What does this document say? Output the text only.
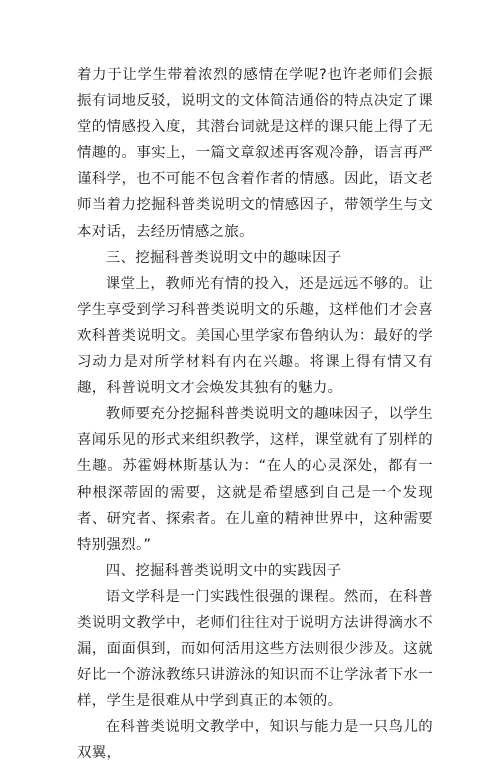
着力于让学生带着浓烈的感情在学呢?也许老师们会振振有词地反驳，说明文的文体简洁通俗的特点决定了课堂的情感投入度，其潜台词就是这样的课只能上得了无情趣的。事实上，一篇文章叙述再客观冷静，语言再严谨科学，也不可能不包含着作者的情感。因此，语文老师当着力挖掘科普类说明文的情感因子，带领学生与文本对话，去经历情感之旅。

三、挖掘科普类说明文中的趣味因子

课堂上，教师光有情的投入，还是远远不够的。让学生享受到学习科普类说明文的乐趣，这样他们才会喜欢科普类说明文。美国心里学家布鲁纳认为：最好的学习动力是对所学材料有内在兴趣。将课上得有情又有趣，科普说明文才会焕发其独有的魅力。

教师要充分挖掘科普类说明文的趣味因子，以学生喜闻乐见的形式来组织教学，这样，课堂就有了别样的生趣。苏霍姆林斯基认为：“在人的心灵深处，都有一种根深蒂固的需要，这就是希望感到自己是一个发现者、研究者、探索者。在儿童的精神世界中，这种需要特别强烈。”

四、挖掘科普类说明文中的实践因子

语文学科是一门实践性很强的课程。然而，在科普类说明文教学中，老师们往往对于说明方法讲得滴水不漏，面面俱到，而如何活用这些方法则很少涉及。这就好比一个游泳教练只讲游泳的知识而不让学泳者下水一样，学生是很难从中学到真正的本领的。

在科普类说明文教学中，知识与能力是一只鸟儿的双翼，
